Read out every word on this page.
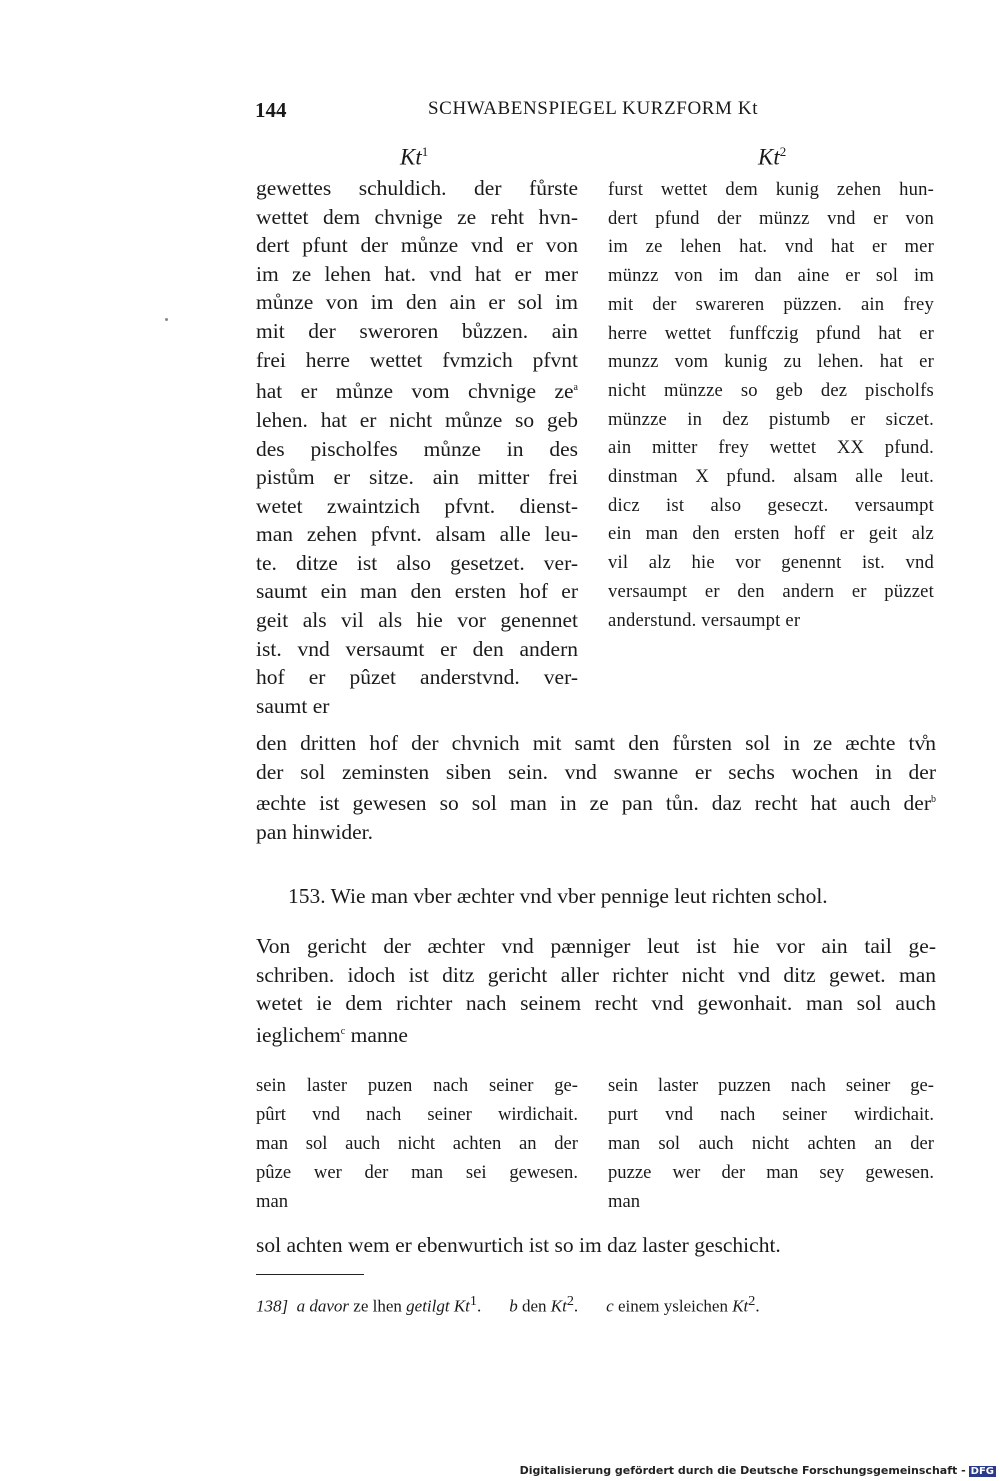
144	SCHWABENSPIEGEL KURZFORM Kt
Kt$^1$	Kt$^2$
gewettes schuldich. der fůrste
wettet dem chvnige ze reht hvn-
dert pfunt der můnze vnd er von
im ze lehen hat. vnd hat er mer
můnze von im den ain er sol im
mit der sweroren bůzzen. ain
frei herre wettet fvmzich pfvnt
hat er můnze vom chvnige $ze^a$
lehen. hat er nicht můnze so geb
des pischolfes můnze in des
pistům er sitze. ain mitter frei
wetet zwaintzich pfvnt. dienst-
man zehen pfvnt. alsam alle leu-
te. ditze ist also gesetzet. ver-
saumt ein man den ersten hof er
geit als vil als hie vor genennet
ist. vnd versaumt er den andern
hof er pûzet anderstvnd. ver-
saumt er
furst wettet dem kunig zehen hun-
dert pfund der münzz vnd er von
im ze lehen hat. vnd hat er mer
münzz von im dan aine er sol im
mit der swareren püzzen. ain frey
herre wettet funffczig pfund hat er
munzz vom kunig zu lehen. hat er
nicht münzze so geb dez pischolfs
münzze in dez pistumb er siczet.
ain mitter frey wettet XX pfund.
dinstman X pfund. alsam alle leut.
dicz ist also geseczt. versaumpt
ein man den ersten hoff er geit alz
vil alz hie vor genennt ist. vnd
versaumpt er den andern er püzzet
anderstund. versaumpt er
den dritten hof der chvnich mit samt den fůrsten sol in ze æchte tv̊n
der sol zeminsten siben sein. vnd swanne er sechs wochen in der
æchte ist gewesen so sol man in ze pan tůn. daz recht hat auch der$^b$
pan hinwider.
153. Wie man vber æchter vnd vber pennige leut richten schol.
Von gericht der æchter vnd pænniger leut ist hie vor ain tail ge-
schriben. idoch ist ditz gericht aller richter nicht vnd ditz gewet. man
wetet ie dem richter nach seinem recht vnd gewonhait. man sol auch
ieglichem$^c$ manne
sein laster puzen nach seiner ge-
pûrt vnd nach seiner wirdichait.
man sol auch nicht achten an der
pûze wer der man sei gewesen.
man
sein laster puzzen nach seiner ge-
purt vnd nach seiner wirdichait.
man sol auch nicht achten an der
puzze wer der man sey gewesen.
man
sol achten wem er ebenwurtich ist so im daz laster geschicht.
138] a davor ze lhen getilgt Kt$^1$. b den Kt$^2$. c einem ysleichen Kt$^2$.
Digitalisierung gefördert durch die Deutsche Forschungsgemeinschaft - DFG
